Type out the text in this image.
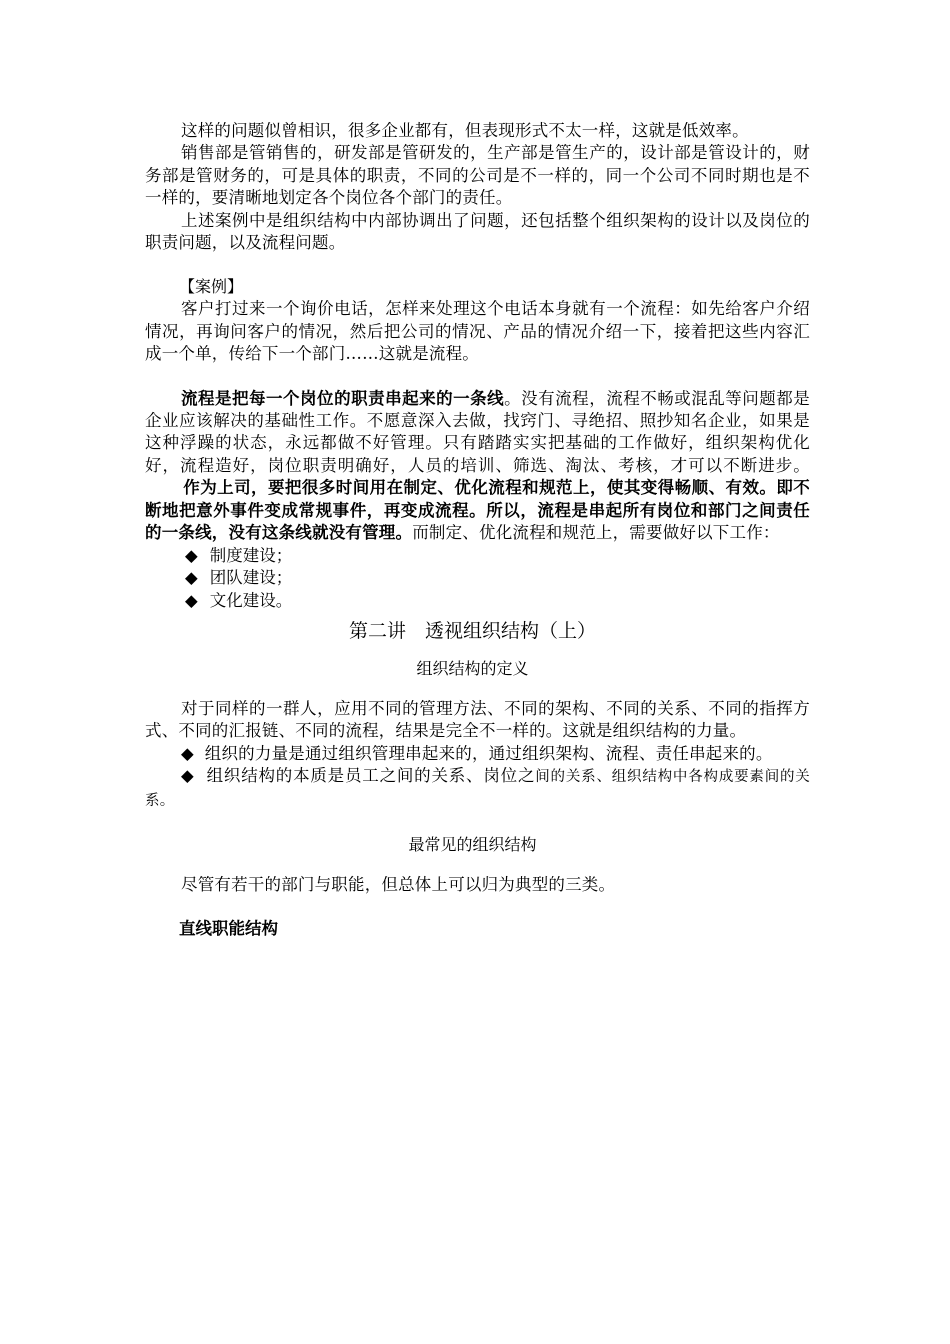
这样的问题似曾相识，很多企业都有，但表现形式不太一样，这就是低效率。

销售部是管销售的，研发部是管研发的，生产部是管生产的，设计部是管设计的，财务部是管财务的，可是具体的职责，不同的公司是不一样的，同一个公司不同时期也是不一样的，要清晰地划定各个岗位各个部门的责任。

上述案例中是组织结构中内部协调出了问题，还包括整个组织架构的设计以及岗位的职责问题，以及流程问题。

【案例】

客户打过来一个询价电话，怎样来处理这个电话本身就有一个流程：如先给客户介绍情况，再询问客户的情况，然后把公司的情况、产品的情况介绍一下，接着把这些内容汇成一个单，传给下一个部门……这就是流程。

流程是把每一个岗位的职责串起来的一条线。没有流程，流程不畅或混乱等问题都是企业应该解决的基础性工作。不愿意深入去做，找窍门、寻绝招、照抄知名企业，如果是这种浮躁的状态，永远都做不好管理。只有踏踏实实把基础的工作做好，组织架构优化好，流程造好，岗位职责明确好，人员的培训、筛选、淘汰、考核，才可以不断进步。作为上司，要把很多时间用在制定、优化流程和规范上，使其变得畅顺、有效。即不断地把意外事件变成常规事件，再变成流程。所以，流程是串起所有岗位和部门之间责任的一条线，没有这条线就没有管理。而制定、优化流程和规范上，需要做好以下工作：

◆ 制度建设；
◆ 团队建设；
◆ 文化建设。
第二讲　透视组织结构（上）
组织结构的定义

对于同样的一群人，应用不同的管理方法、不同的架构、不同的关系、不同的指挥方式、不同的汇报链、不同的流程，结果是完全不一样的。这就是组织结构的力量。

◆ 组织的力量是通过组织管理串起来的，通过组织架构、流程、责任串起来的。

◆ 组织结构的本质是员工之间的关系、岗位之间的关系、组织结构中各构成要素间的关系。

最常见的组织结构

尽管有若干的部门与职能，但总体上可以归为典型的三类。

直线职能结构
